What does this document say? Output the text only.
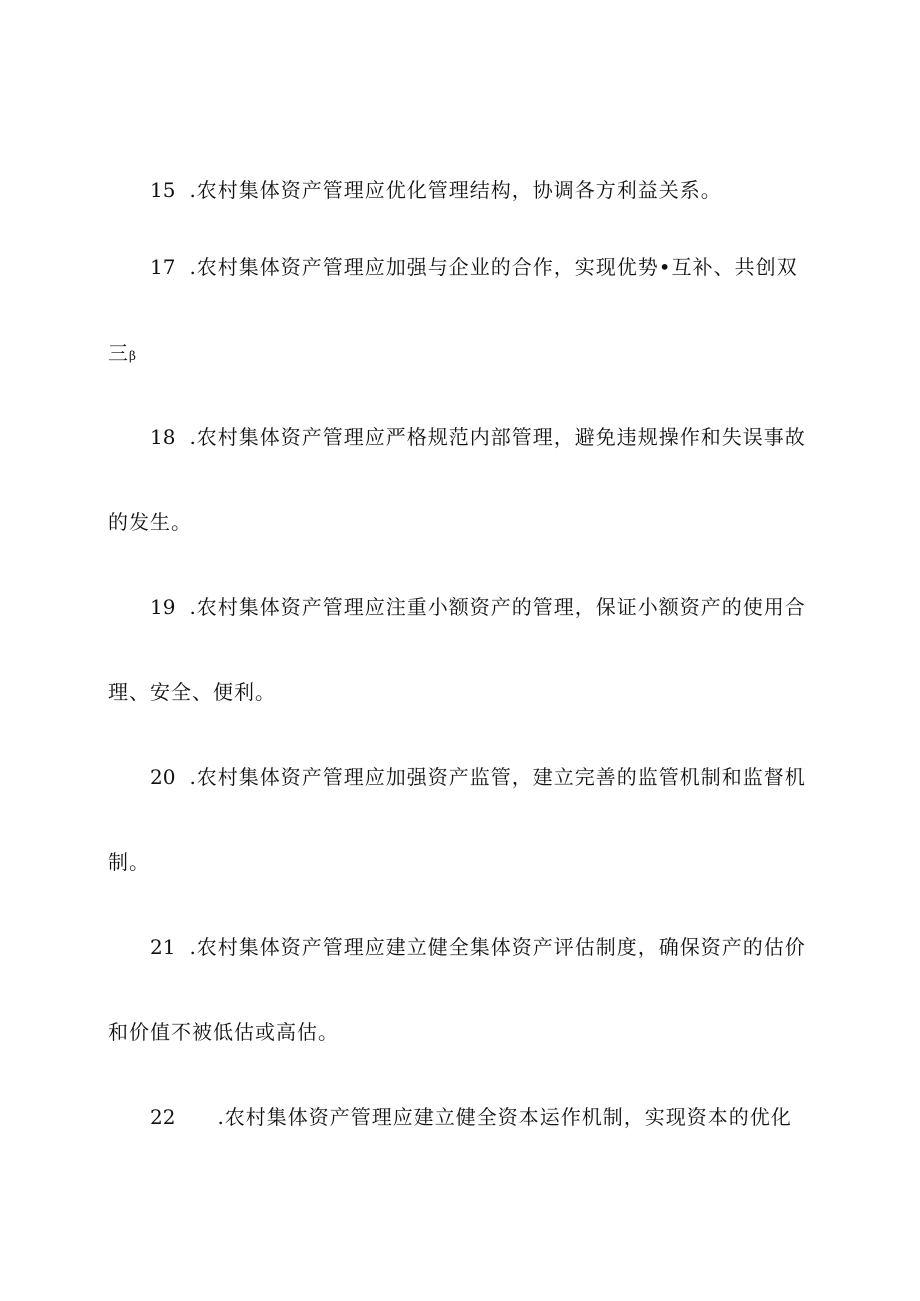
15 .农村集体资产管理应优化管理结构，协调各方利益关系。
17 .农村集体资产管理应加强与企业的合作，实现优势•互补、共创双
三β
18 .农村集体资产管理应严格规范内部管理，避免违规操作和失误事故
的发生。
19 .农村集体资产管理应注重小额资产的管理，保证小额资产的使用合
理、安全、便利。
20 .农村集体资产管理应加强资产监管，建立完善的监管机制和监督机
制。
21 .农村集体资产管理应建立健全集体资产评估制度，确保资产的估价
和价值不被低估或高估。
22 .农村集体资产管理应建立健全资本运作机制，实现资本的优化
